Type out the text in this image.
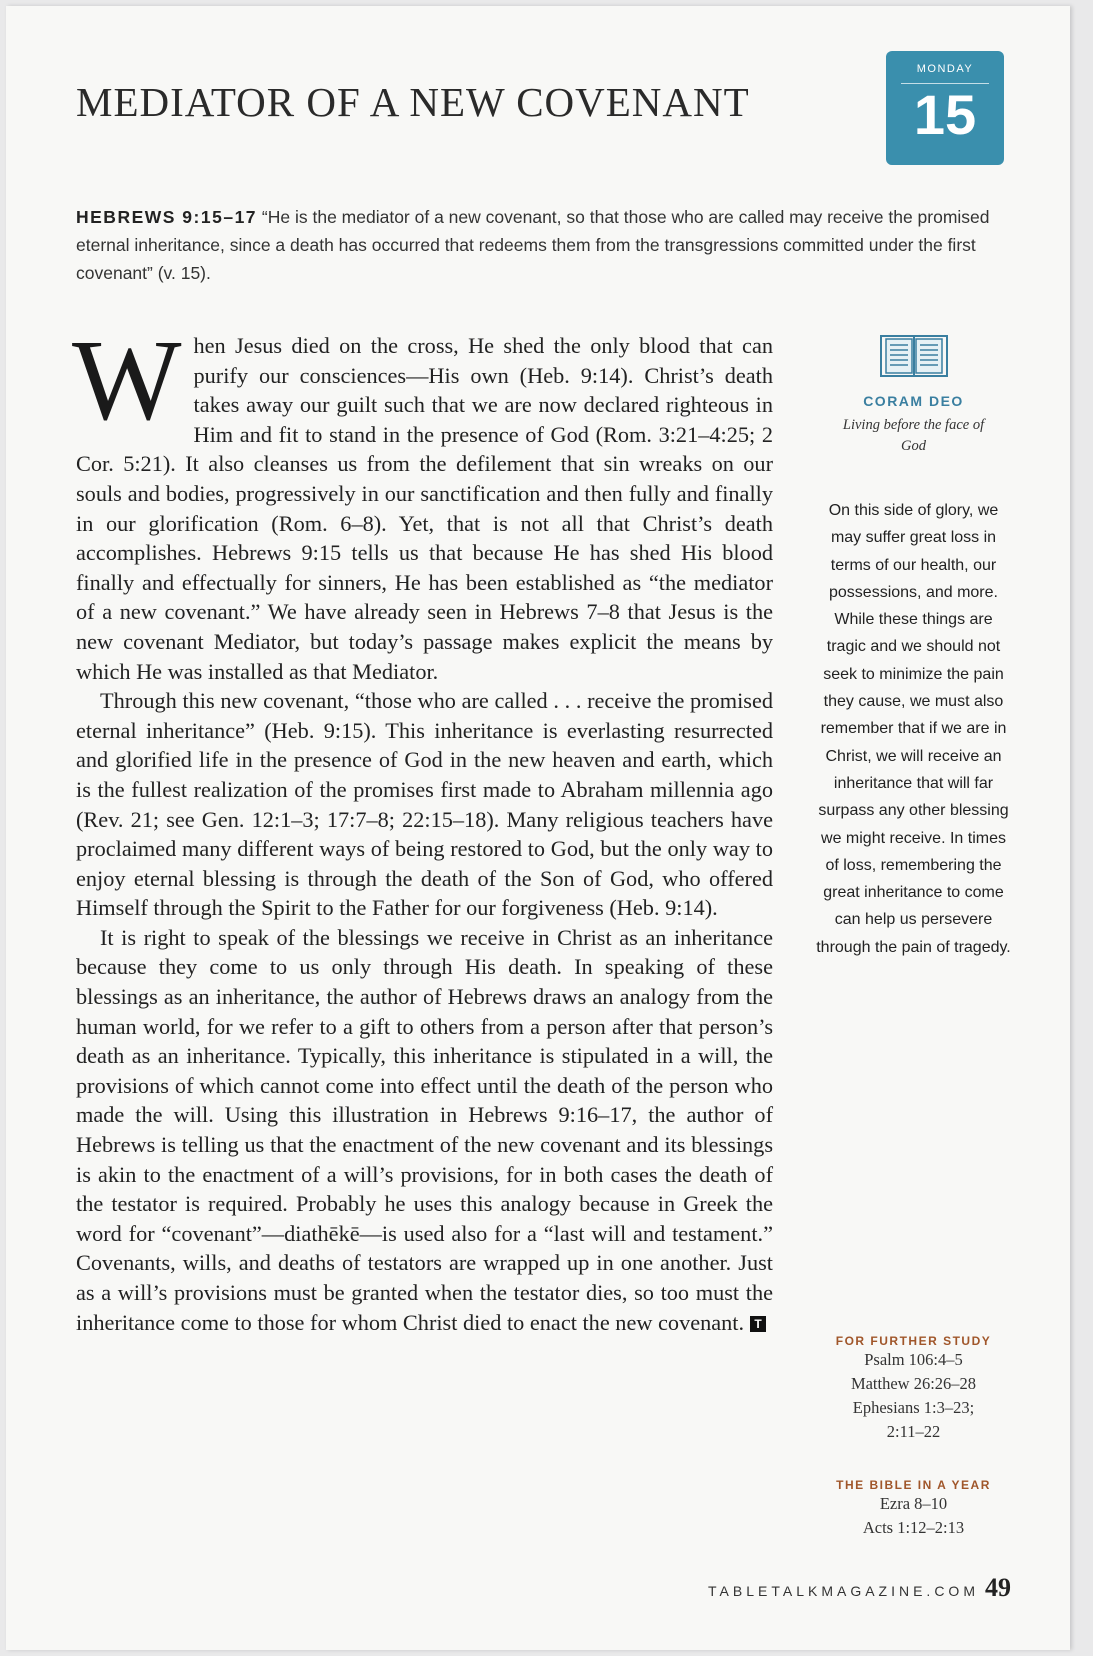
MEDIATOR OF A NEW COVENANT
MONDAY
15
HEBREWS 9:15–17 “He is the mediator of a new covenant, so that those who are called may receive the promised eternal inheritance, since a death has occurred that redeems them from the transgressions committed under the first covenant” (v. 15).

When Jesus died on the cross, He shed the only blood that can purify our consciences—His own (Heb. 9:14). Christ’s death takes away our guilt such that we are now declared righteous in Him and fit to stand in the presence of God (Rom. 3:21–4:25; 2 Cor. 5:21). It also cleanses us from the defilement that sin wreaks on our souls and bodies, progressively in our sanctification and then fully and finally in our glorification (Rom. 6–8). Yet, that is not all that Christ’s death accomplishes. Hebrews 9:15 tells us that because He has shed His blood finally and effectually for sinners, He has been established as “the mediator of a new covenant.” We have already seen in Hebrews 7–8 that Jesus is the new covenant Mediator, but today’s passage makes explicit the means by which He was installed as that Mediator.

Through this new covenant, “those who are called . . . receive the promised eternal inheritance” (Heb. 9:15). This inheritance is everlasting resurrected and glorified life in the presence of God in the new heaven and earth, which is the fullest realization of the promises first made to Abraham millennia ago (Rev. 21; see Gen. 12:1–3; 17:7–8; 22:15–18). Many religious teachers have proclaimed many different ways of being restored to God, but the only way to enjoy eternal blessing is through the death of the Son of God, who offered Himself through the Spirit to the Father for our forgiveness (Heb. 9:14).

It is right to speak of the blessings we receive in Christ as an inheritance because they come to us only through His death. In speaking of these blessings as an inheritance, the author of Hebrews draws an analogy from the human world, for we refer to a gift to others from a person after that person’s death as an inheritance. Typically, this inheritance is stipulated in a will, the provisions of which cannot come into effect until the death of the person who made the will. Using this illustration in Hebrews 9:16–17, the author of Hebrews is telling us that the enactment of the new covenant and its blessings is akin to the enactment of a will’s provisions, for in both cases the death of the testator is required. Probably he uses this analogy because in Greek the word for “covenant”—diathēkē—is used also for a “last will and testament.” Covenants, wills, and deaths of testators are wrapped up in one another. Just as a will’s provisions must be granted when the testator dies, so too must the inheritance come to those for whom Christ died to enact the new covenant. T

CORAM DEO
Living before the face of God
On this side of glory, we may suffer great loss in terms of our health, our possessions, and more. While these things are tragic and we should not seek to minimize the pain they cause, we must also remember that if we are in Christ, we will receive an inheritance that will far surpass any other blessing we might receive. In times of loss, remembering the great inheritance to come can help us persevere through the pain of tragedy.
FOR FURTHER STUDY
Psalm 106:4–5
Matthew 26:26–28
Ephesians 1:3–23;
2:11–22
THE BIBLE IN A YEAR
Ezra 8–10
Acts 1:12–2:13
TABLETALKMAGAZINE.COM 49
